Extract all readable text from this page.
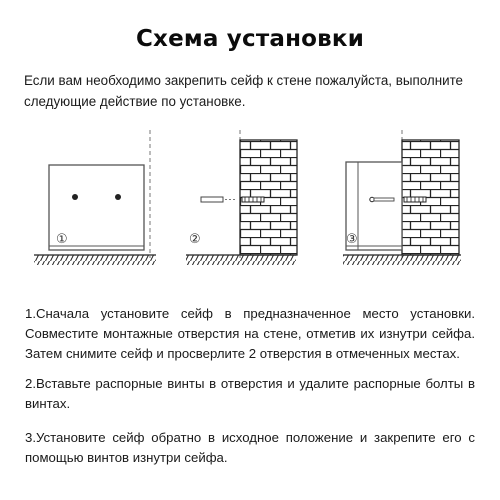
Схема установки
Если вам необходимо закрепить сейф к стене пожалуйста, выполните следующие действие по установке.
①	②	③
1.Сначала установите сейф в предназначенное место установки. Совместите монтажные отверстия на стене, отметив их изнутри сейфа. Затем снимите сейф и просверлите 2 отверстия в отмеченных местах.
2.Вставьте распорные винты в отверстия и удалите распорные болты в винтах.
3.Установите сейф обратно в исходное положение и закрепите его с помощью винтов изнутри сейфа.
